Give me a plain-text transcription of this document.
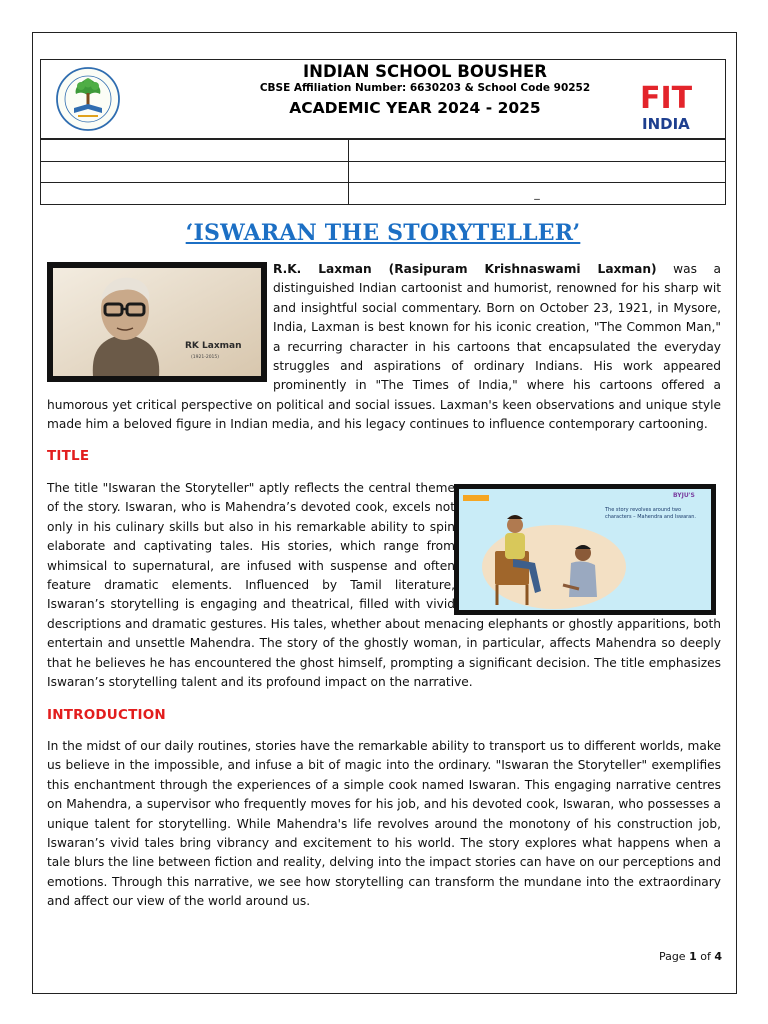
FIT
INDIA
INDIAN SCHOOL BOUSHER
CBSE Affiliation Number: 6630203 & School Code 90252
ACADEMIC YEAR 2024 - 2025

	_
‘ISWARAN THE STORYTELLER’
RK Laxman
(1921-2015)
R.K. Laxman (Rasipuram Krishnaswami Laxman) was a distinguished Indian cartoonist and humorist, renowned for his sharp wit and insightful social commentary. Born on October 23, 1921, in Mysore, India, Laxman is best known for his iconic creation, "The Common Man," a recurring character in his cartoons that encapsulated the everyday struggles and aspirations of ordinary Indians. His work appeared prominently in "The Times of India," where his cartoons offered a humorous yet critical perspective on political and social issues. Laxman's keen observations and unique style made him a beloved figure in Indian media, and his legacy continues to influence contemporary cartooning.
TITLE
BYJU'S
The story revolves around two
characters – Mahendra and Iswaran.
The title "Iswaran the Storyteller" aptly reflects the central theme of the story. Iswaran, who is Mahendra’s devoted cook, excels not only in his culinary skills but also in his remarkable ability to spin elaborate and captivating tales. His stories, which range from whimsical to supernatural, are infused with suspense and often feature dramatic elements. Influenced by Tamil literature, Iswaran’s storytelling is engaging and theatrical, filled with vivid descriptions and dramatic gestures. His tales, whether about menacing elephants or ghostly apparitions, both entertain and unsettle Mahendra. The story of the ghostly woman, in particular, affects Mahendra so deeply that he believes he has encountered the ghost himself, prompting a significant decision. The title emphasizes Iswaran’s storytelling talent and its profound impact on the narrative.
INTRODUCTION
In the midst of our daily routines, stories have the remarkable ability to transport us to different worlds, make us believe in the impossible, and infuse a bit of magic into the ordinary. "Iswaran the Storyteller" exemplifies this enchantment through the experiences of a simple cook named Iswaran. This engaging narrative centres on Mahendra, a supervisor who frequently moves for his job, and his devoted cook, Iswaran, who possesses a unique talent for storytelling. While Mahendra's life revolves around the monotony of his construction job, Iswaran’s vivid tales bring vibrancy and excitement to his world. The story explores what happens when a tale blurs the line between fiction and reality, delving into the impact stories can have on our perceptions and emotions. Through this narrative, we see how storytelling can transform the mundane into the extraordinary and affect our view of the world around us.
Page 1 of 4
